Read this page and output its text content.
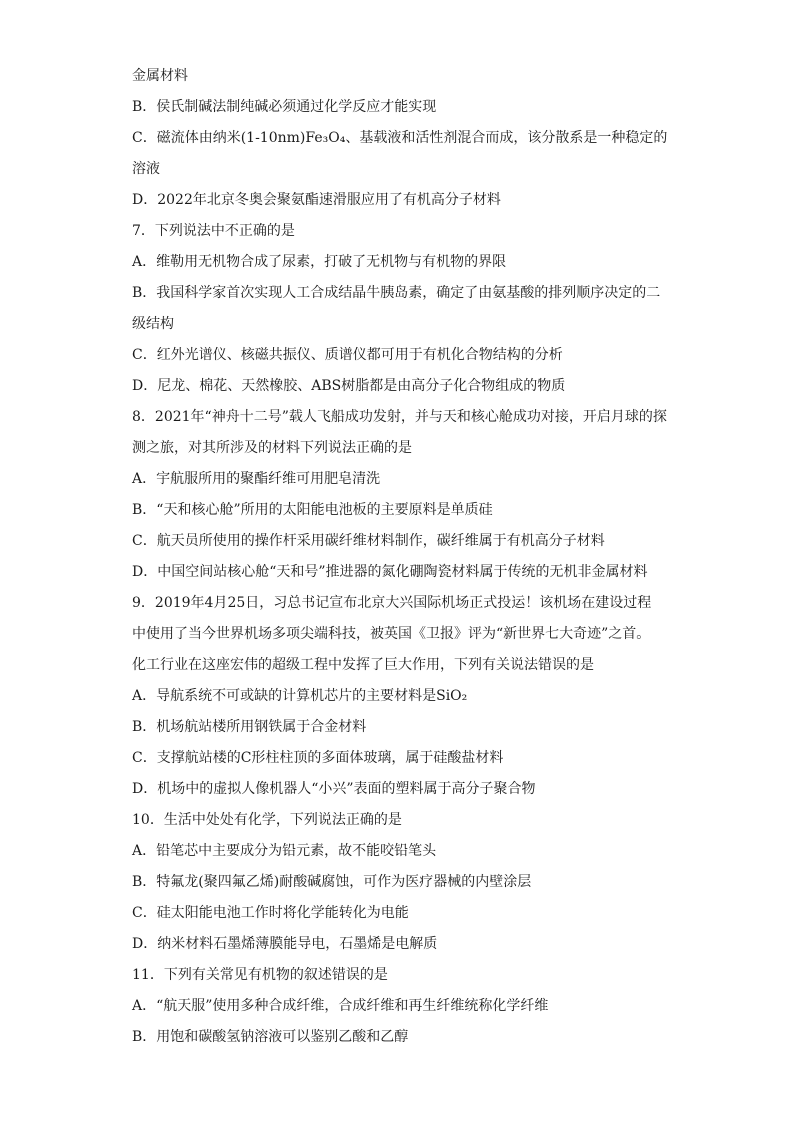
金属材料
B．侯氏制碱法制纯碱必须通过化学反应才能实现
C．磁流体由纳米(1-10nm)Fe₃O₄、基载液和活性剂混合而成，该分散系是一种稳定的
溶液
D．2022年北京冬奥会聚氨酯速滑服应用了有机高分子材料
7．下列说法中不正确的是
A．维勒用无机物合成了尿素，打破了无机物与有机物的界限
B．我国科学家首次实现人工合成结晶牛胰岛素，确定了由氨基酸的排列顺序决定的二
级结构
C．红外光谱仪、核磁共振仪、质谱仪都可用于有机化合物结构的分析
D．尼龙、棉花、天然橡胶、ABS树脂都是由高分子化合物组成的物质
8．2021年“神舟十二号”载人飞船成功发射，并与天和核心舱成功对接，开启月球的探
测之旅，对其所涉及的材料下列说法正确的是
A．宇航服所用的聚酯纤维可用肥皂清洗
B．“天和核心舱”所用的太阳能电池板的主要原料是单质硅
C．航天员所使用的操作杆采用碳纤维材料制作，碳纤维属于有机高分子材料
D．中国空间站核心舱“天和号”推进器的氮化硼陶瓷材料属于传统的无机非金属材料
9．2019年4月25日，习总书记宣布北京大兴国际机场正式投运！该机场在建设过程
中使用了当今世界机场多项尖端科技，被英国《卫报》评为“新世界七大奇迹”之首。
化工行业在这座宏伟的超级工程中发挥了巨大作用，下列有关说法错误的是
A．导航系统不可或缺的计算机芯片的主要材料是SiO₂
B．机场航站楼所用钢铁属于合金材料
C．支撑航站楼的C形柱柱顶的多面体玻璃，属于硅酸盐材料
D．机场中的虚拟人像机器人“小兴”表面的塑料属于高分子聚合物
10．生活中处处有化学，下列说法正确的是
A．铅笔芯中主要成分为铅元素，故不能咬铅笔头
B．特氟龙(聚四氟乙烯)耐酸碱腐蚀，可作为医疗器械的内壁涂层
C．硅太阳能电池工作时将化学能转化为电能
D．纳米材料石墨烯薄膜能导电，石墨烯是电解质
11．下列有关常见有机物的叙述错误的是
A．“航天服”使用多种合成纤维，合成纤维和再生纤维统称化学纤维
B．用饱和碳酸氢钠溶液可以鉴别乙酸和乙醇
